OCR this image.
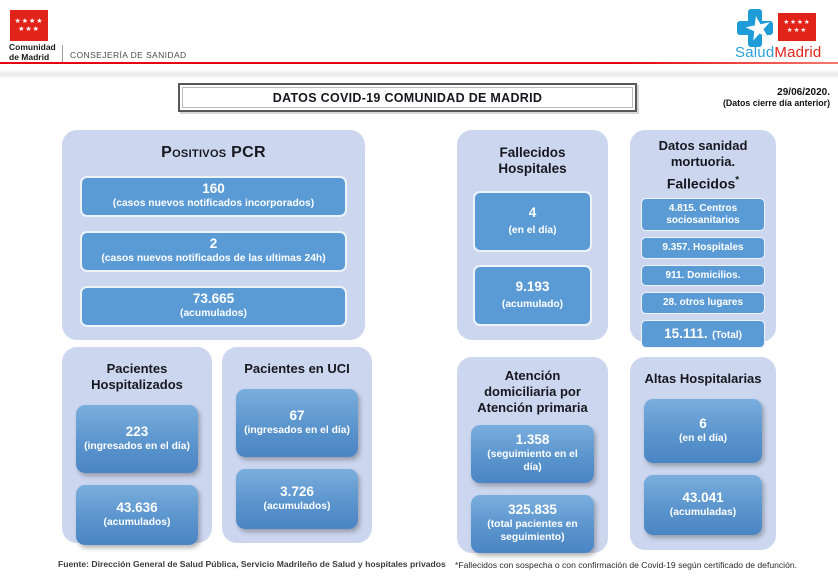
★★★★
★★★
Comunidad
de Madrid	CONSEJERÍA DE SANIDAD
★ ★★★★
★★★
SaludMadrid
DATOS COVID-19 COMUNIDAD DE MADRID	29/06/2020.
(Datos cierre día anterior)
Positivos PCR
160
(casos nuevos notificados incorporados)
2
(casos nuevos notificados de las ultimas 24h)
73.665
(acumulados)
Fallecidos Hospitales
4
(en el día)
9.193
(acumulado)
Datos sanidad mortuoria.
Fallecidos*
4.815. Centros sociosanitarios
9.357. Hospitales
911. Domicilios.
28. otros lugares
15.111. (Total)
Pacientes Hospitalizados
223
(ingresados en el día)
43.636
(acumulados)
Pacientes en UCI
67
(ingresados en el día)
3.726
(acumulados)
Atención domiciliaria por Atención primaria
1.358
(seguimiento en el día)
325.835
(total pacientes en seguimiento)
Altas Hospitalarias
6
(en el día)
43.041
(acumuladas)
Fuente: Dirección General de Salud Pública, Servicio Madrileño de Salud y hospitales privados *Fallecidos con sospecha o con confirmación de Covid-19 según certificado de defunción.
